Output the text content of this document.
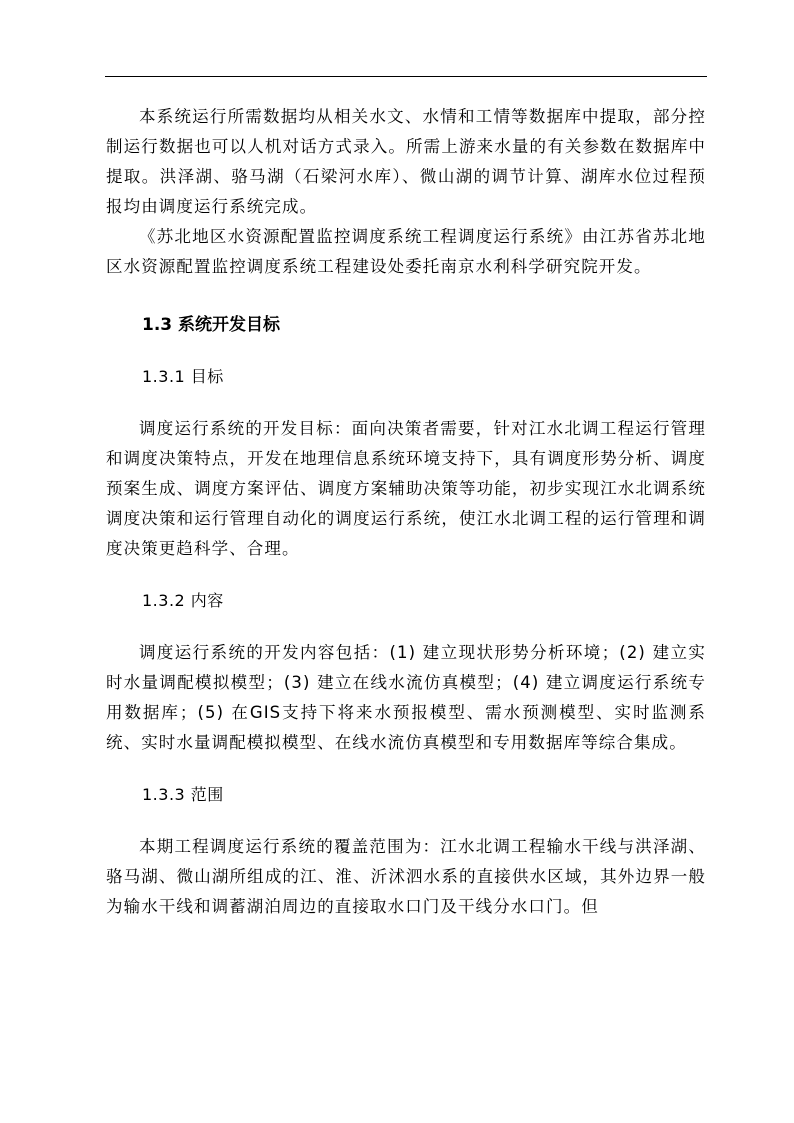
本系统运行所需数据均从相关水文、水情和工情等数据库中提取，部分控制运行数据也可以人机对话方式录入。所需上游来水量的有关参数在数据库中提取。洪泽湖、骆马湖（石梁河水库）、微山湖的调节计算、湖库水位过程预报均由调度运行系统完成。

《苏北地区水资源配置监控调度系统工程调度运行系统》由江苏省苏北地区水资源配置监控调度系统工程建设处委托南京水利科学研究院开发。

1.3 系统开发目标
1.3.1 目标

调度运行系统的开发目标：面向决策者需要，针对江水北调工程运行管理和调度决策特点，开发在地理信息系统环境支持下，具有调度形势分析、调度预案生成、调度方案评估、调度方案辅助决策等功能，初步实现江水北调系统调度决策和运行管理自动化的调度运行系统，使江水北调工程的运行管理和调度决策更趋科学、合理。

1.3.2 内容

调度运行系统的开发内容包括：(1) 建立现状形势分析环境；(2) 建立实时水量调配模拟模型；(3) 建立在线水流仿真模型；(4) 建立调度运行系统专用数据库；(5) 在GIS支持下将来水预报模型、需水预测模型、实时监测系统、实时水量调配模拟模型、在线水流仿真模型和专用数据库等综合集成。

1.3.3 范围

本期工程调度运行系统的覆盖范围为：江水北调工程输水干线与洪泽湖、骆马湖、微山湖所组成的江、淮、沂沭泗水系的直接供水区域，其外边界一般为输水干线和调蓄湖泊周边的直接取水口门及干线分水口门。但
